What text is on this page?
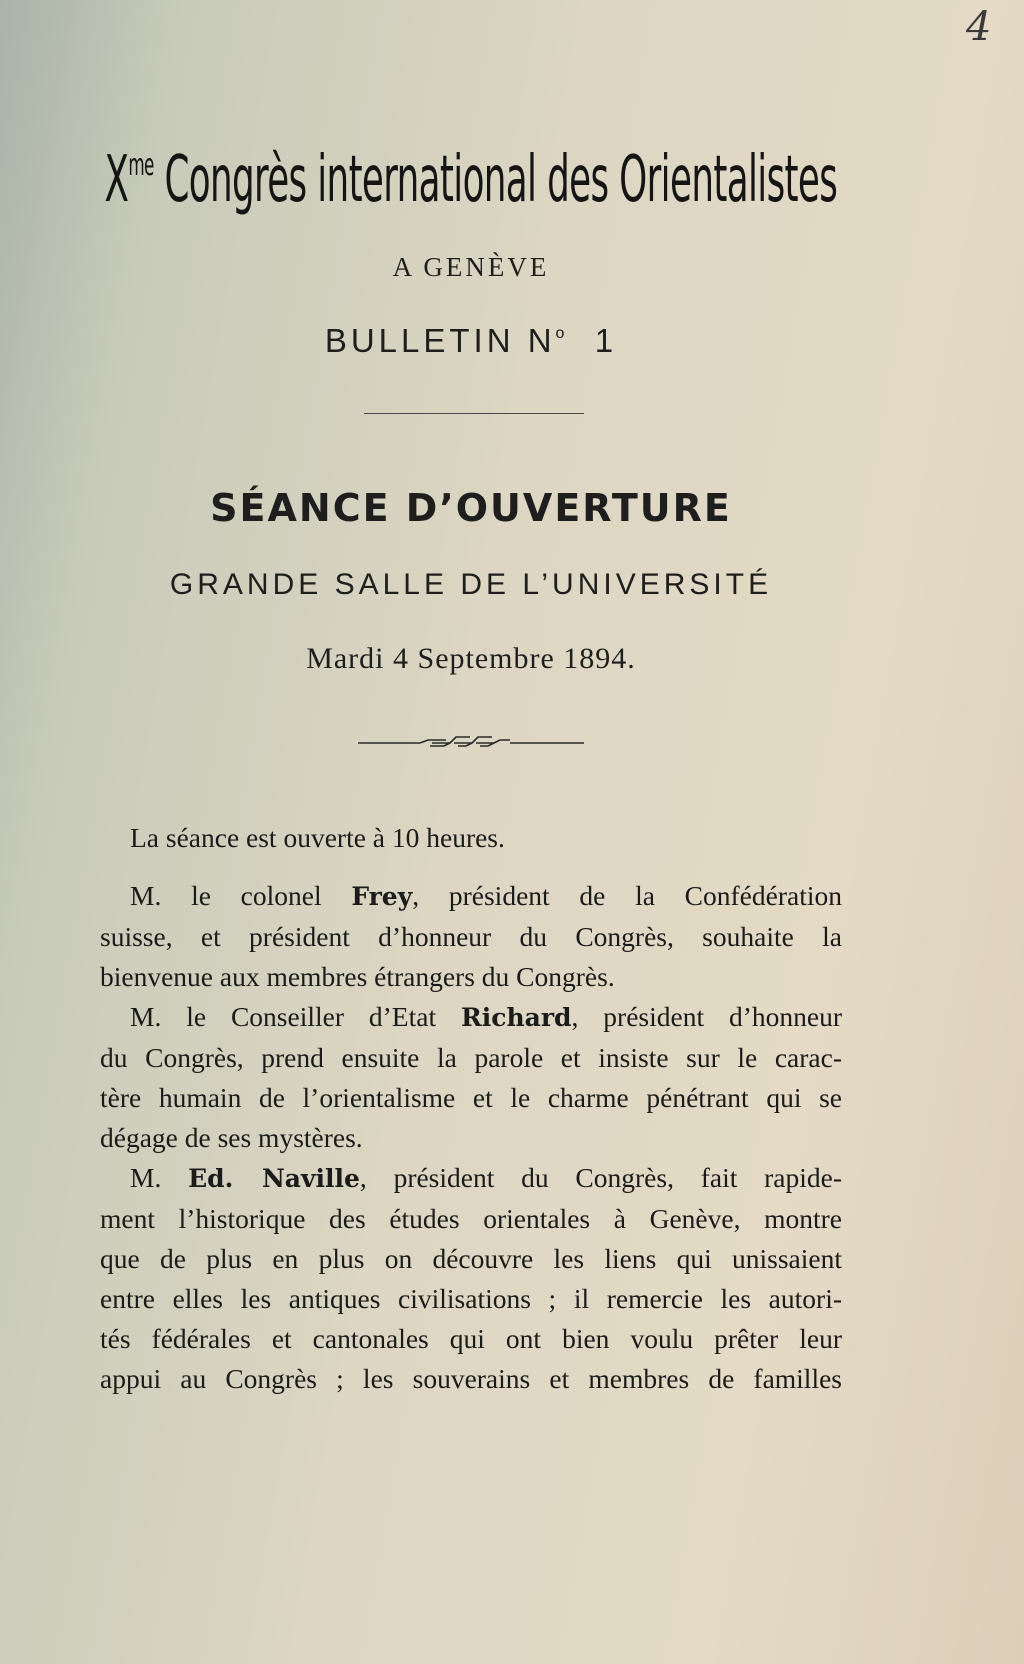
4
$X^{me}$ Congrès international des Orientalistes
A GENÈVE
BULLETIN $N^o$ 1
SÉANCE D’OUVERTURE
GRANDE SALLE DE L’UNIVERSITÉ
Mardi 4 Septembre 1894.
La séance est ouverte à 10 heures.
M. le colonel Frey, président de la Confédération
suisse, et président d’honneur du Congrès, souhaite la
bienvenue aux membres étrangers du Congrès.
M. le Conseiller d’Etat Richard, président d’honneur
du Congrès, prend ensuite la parole et insiste sur le carac-
tère humain de l’orientalisme et le charme pénétrant qui se
dégage de ses mystères.
M. Ed. Naville, président du Congrès, fait rapide-
ment l’historique des études orientales à Genève, montre
que de plus en plus on découvre les liens qui unissaient
entre elles les antiques civilisations ; il remercie les autori-
tés fédérales et cantonales qui ont bien voulu prêter leur
appui au Congrès ; les souverains et membres de familles
